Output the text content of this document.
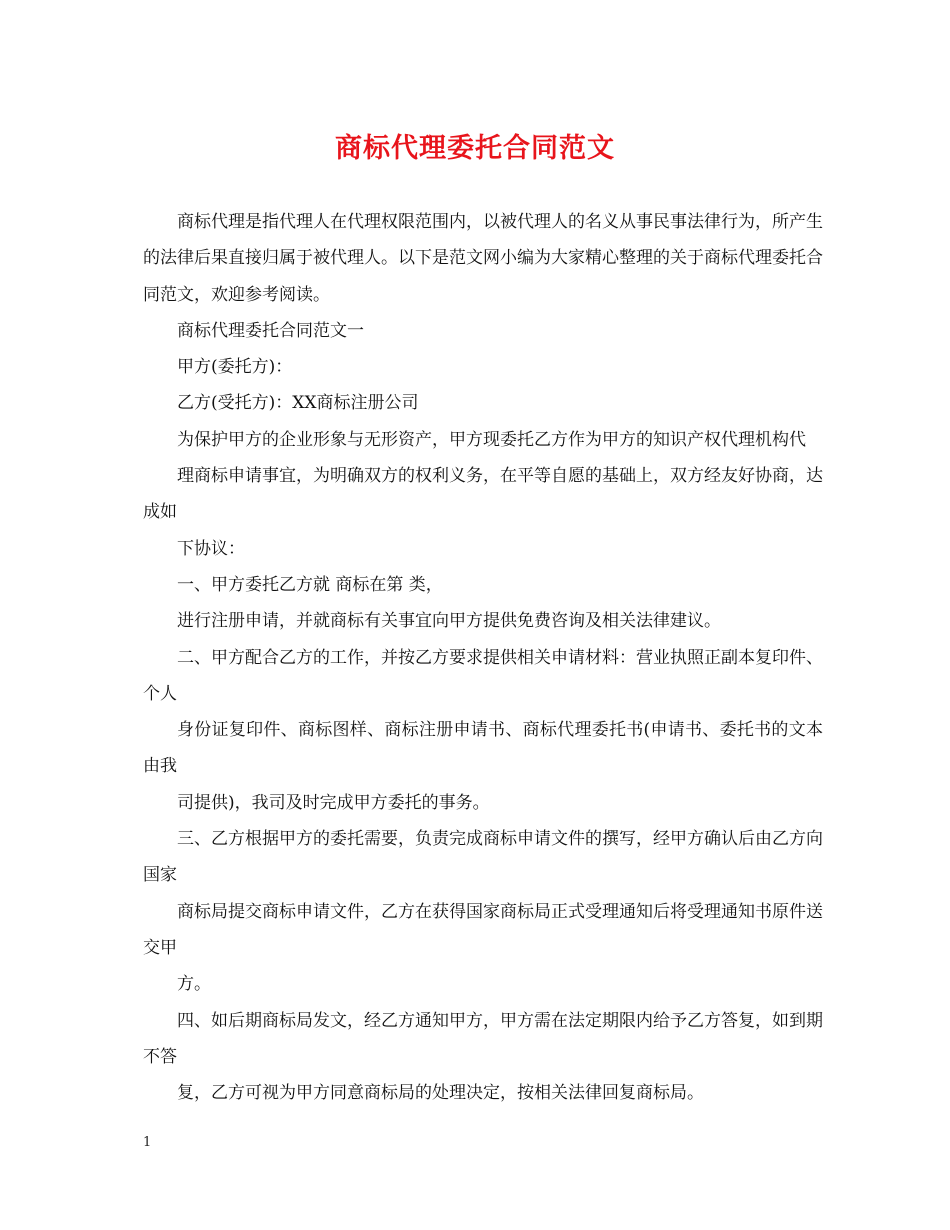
商标代理委托合同范文

商标代理是指代理人在代理权限范围内，以被代理人的名义从事民事法律行为，所产生的法律后果直接归属于被代理人。以下是范文网小编为大家精心整理的关于商标代理委托合同范文，欢迎参考阅读。

商标代理委托合同范文一

甲方(委托方)：

乙方(受托方)：XX商标注册公司

为保护甲方的企业形象与无形资产，甲方现委托乙方作为甲方的知识产权代理机构代

理商标申请事宜，为明确双方的权利义务，在平等自愿的基础上，双方经友好协商，达成如

下协议：

一、甲方委托乙方就 商标在第 类，

进行注册申请，并就商标有关事宜向甲方提供免费咨询及相关法律建议。

二、甲方配合乙方的工作，并按乙方要求提供相关申请材料：营业执照正副本复印件、个人

身份证复印件、商标图样、商标注册申请书、商标代理委托书(申请书、委托书的文本由我

司提供)，我司及时完成甲方委托的事务。

三、乙方根据甲方的委托需要，负责完成商标申请文件的撰写，经甲方确认后由乙方向国家

商标局提交商标申请文件，乙方在获得国家商标局正式受理通知后将受理通知书原件送交甲

方。

四、如后期商标局发文，经乙方通知甲方，甲方需在法定期限内给予乙方答复，如到期不答

复，乙方可视为甲方同意商标局的处理决定，按相关法律回复商标局。

1
